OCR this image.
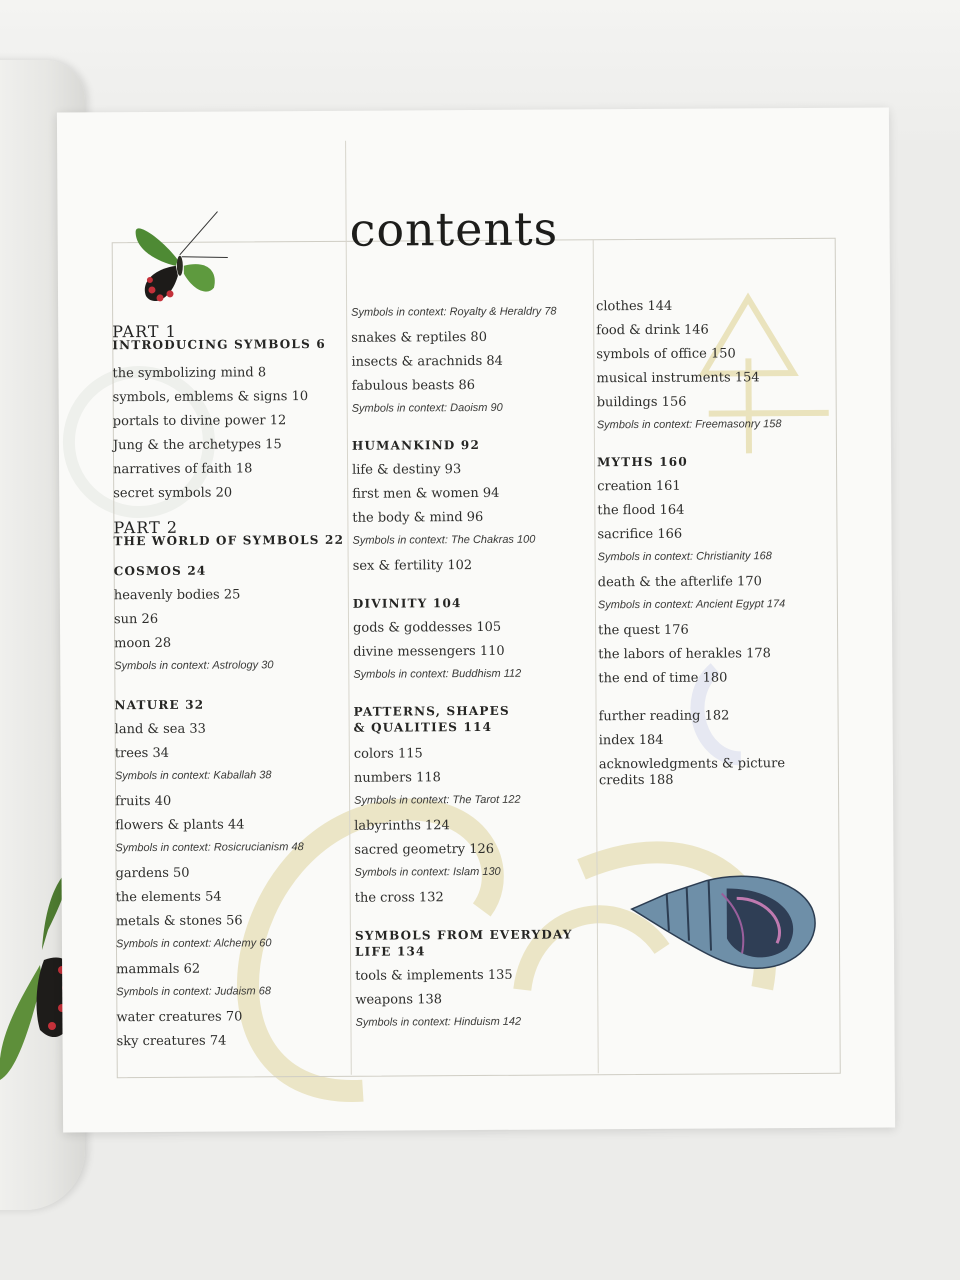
contents
PART 1
INTRODUCING SYMBOLS 6
the symbolizing mind 8
symbols, emblems & signs 10
portals to divine power 12
Jung & the archetypes 15
narratives of faith 18
secret symbols 20
PART 2
THE WORLD OF SYMBOLS 22
COSMOS 24
heavenly bodies 25
sun 26
moon 28
Symbols in context: Astrology 30
NATURE 32
land & sea 33
trees 34
Symbols in context: Kaballah 38
fruits 40
flowers & plants 44
Symbols in context: Rosicrucianism 48
gardens 50
the elements 54
metals & stones 56
Symbols in context: Alchemy 60
mammals 62
Symbols in context: Judaism 68
water creatures 70
sky creatures 74
Symbols in context: Royalty & Heraldry 78
snakes & reptiles 80
insects & arachnids 84
fabulous beasts 86
Symbols in context: Daoism 90
HUMANKIND 92
life & destiny 93
first men & women 94
the body & mind 96
Symbols in context: The Chakras 100
sex & fertility 102
DIVINITY 104
gods & goddesses 105
divine messengers 110
Symbols in context: Buddhism 112
PATTERNS, SHAPES
& QUALITIES 114
colors 115
numbers 118
Symbols in context: The Tarot 122
labyrinths 124
sacred geometry 126
Symbols in context: Islam 130
the cross 132
SYMBOLS FROM EVERYDAY
LIFE 134
tools & implements 135
weapons 138
Symbols in context: Hinduism 142
clothes 144
food & drink 146
symbols of office 150
musical instruments 154
buildings 156
Symbols in context: Freemasonry 158
MYTHS 160
creation 161
the flood 164
sacrifice 166
Symbols in context: Christianity 168
death & the afterlife 170
Symbols in context: Ancient Egypt 174
the quest 176
the labors of herakles 178
the end of time 180
further reading 182
index 184
acknowledgments & picture
credits 188
